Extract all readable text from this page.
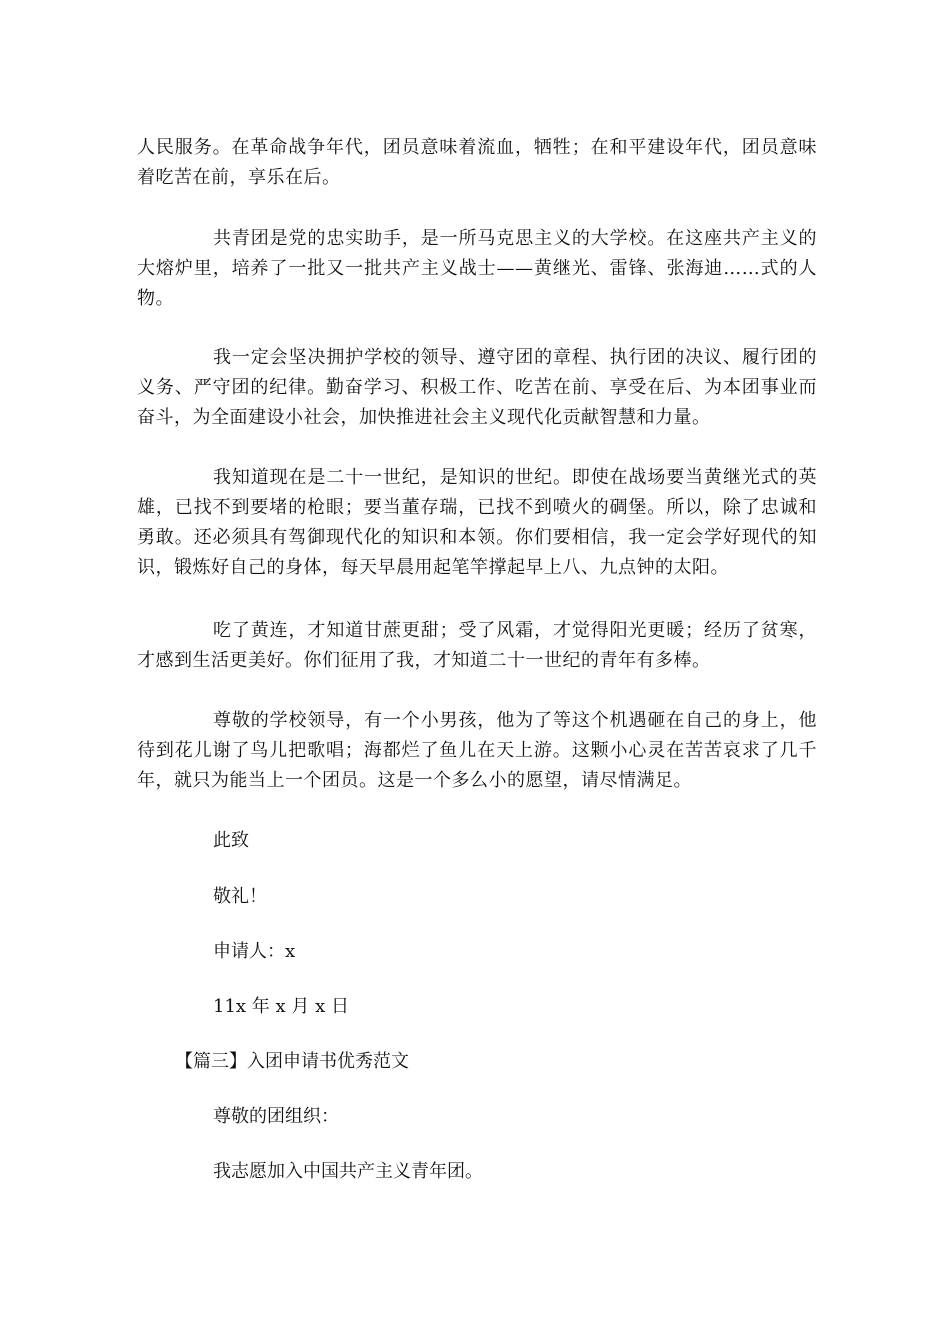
人民服务。在革命战争年代，团员意味着流血，牺牲；在和平建设年代，团员意味着吃苦在前，享乐在后。

共青团是党的忠实助手，是一所马克思主义的大学校。在这座共产主义的大熔炉里，培养了一批又一批共产主义战士——黄继光、雷锋、张海迪……式的人物。

我一定会坚决拥护学校的领导、遵守团的章程、执行团的决议、履行团的义务、严守团的纪律。勤奋学习、积极工作、吃苦在前、享受在后、为本团事业而奋斗，为全面建设小社会，加快推进社会主义现代化贡献智慧和力量。

我知道现在是二十一世纪，是知识的世纪。即使在战场要当黄继光式的英雄，已找不到要堵的枪眼；要当董存瑞，已找不到喷火的碉堡。所以，除了忠诚和勇敢。还必须具有驾御现代化的知识和本领。你们要相信，我一定会学好现代的知识，锻炼好自己的身体，每天早晨用起笔竿撑起早上八、九点钟的太阳。

吃了黄连，才知道甘蔗更甜；受了风霜，才觉得阳光更暖；经历了贫寒，才感到生活更美好。你们征用了我，才知道二十一世纪的青年有多棒。

尊敬的学校领导，有一个小男孩，他为了等这个机遇砸在自己的身上，他待到花儿谢了鸟儿把歌唱；海都烂了鱼儿在天上游。这颗小心灵在苦苦哀求了几千年，就只为能当上一个团员。这是一个多么小的愿望，请尽情满足。

此致

敬礼！

申请人：x

11x 年 x 月 x 日

【篇三】入团申请书优秀范文

尊敬的团组织：

我志愿加入中国共产主义青年团。
